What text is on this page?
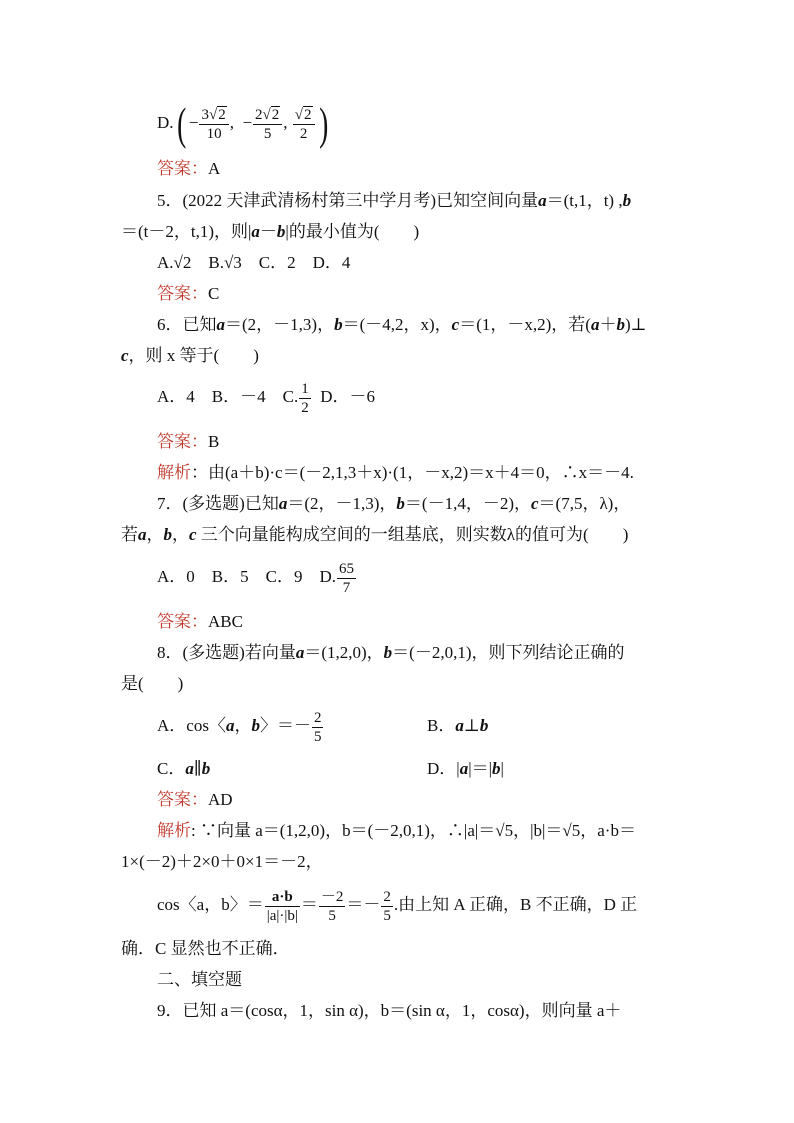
$D.( - \frac{3√2}{10}$ ,  − $\frac{2√2}{5}$ , $\frac{√2}{2}$ )
答案：A
5．(2022 天津武清杨村第三中学月考)已知空间向量a＝(t,1，t) ,b
＝(t－2，t,1)，则|a－b|的最小值为(　　)
A.√2　B.√3　C．2　D．4
答案：C
6．已知a＝(2，－1,3)，b＝(－4,2，x)，c＝(1，－x,2)，若(a＋b)⊥
c，则 x 等于(　　)
A．4　B．－4　C. $\frac{1}{2}$ D．－6
答案：B
解析：由(a＋b)·c＝(－2,1,3＋x)·(1，－x,2)＝x＋4＝0，∴x＝－4.
7．(多选题)已知a＝(2，－1,3)，b＝(－1,4，－2)，c＝(7,5，λ)，
若a，b，c 三个向量能构成空间的一组基底，则实数λ的值可为(　　)
A．0　B．5　C．9　D. $\frac{65}{7}$
答案：ABC
8．(多选题)若向量a＝(1,2,0)，b＝(－2,0,1)，则下列结论正确的
是(　　)
A．cos〈a，b〉＝－ $\frac{2}{5}$	B．a⊥b
C．a∥b	D．|a|＝|b|
答案：AD
解析: ∵向量 a＝(1,2,0)，b＝(－2,0,1)，∴|a|＝√5，|b|＝√5，a·b＝
1×(－2)＋2×0＋0×1＝－2，
cos〈a，b〉＝ $\frac{a\cdot b}{|a|\cdot|b|} = \frac{-2}{5} =- \frac{2}{5}$ .由上知 A 正确，B 不正确，D 正
确．C 显然也不正确．
二、填空题
9．已知 a＝(cosα，1，sin α)，b＝(sin α，1，cosα)，则向量 a＋
